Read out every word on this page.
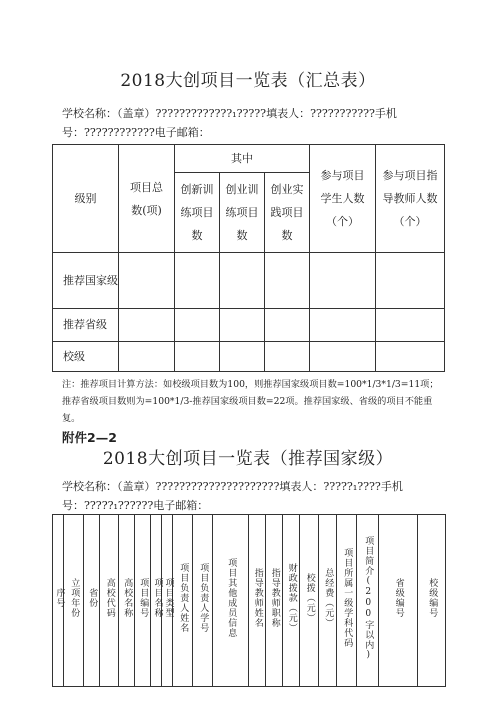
2018大创项目一览表（汇总表）
学校名称：（盖章）?????????????₁?????填表人：???????????手机号：????????????电子邮箱：
级别	项目总数(项)	其中			参与项目学生人数（个）	参与项目指导教师人数（个）

		创新训练项目数	创业训练项目数	创业实践项目数		

推荐国家级						

推荐省级						
校级						
注：推荐项目计算方法：如校级项目数为100，则推荐国家级项目数=100*1/3*1/3=11项；推荐省级项目数则为=100*1/3-推荐国家级项目数=22项。推荐国家级、省级的项目不能重复。
附件2—2
2018大创项目一览表（推荐国家级）
学校名称：（盖章）?????????????????????填表人：?????₁????手机号：?????₁??????电子邮箱：
序号	立项年份	省份	高校代码	高校名称	项目编号	项目名称	项目类型	项目负责人姓名	项目负责人学号	项目其他成员信息	指导教师姓名	指导教师职称	财政拨款（元）	校拨（元）	总经费（元）	项目所属一级学科代码	项目简介(200字以内)	省级编号	校级编号
